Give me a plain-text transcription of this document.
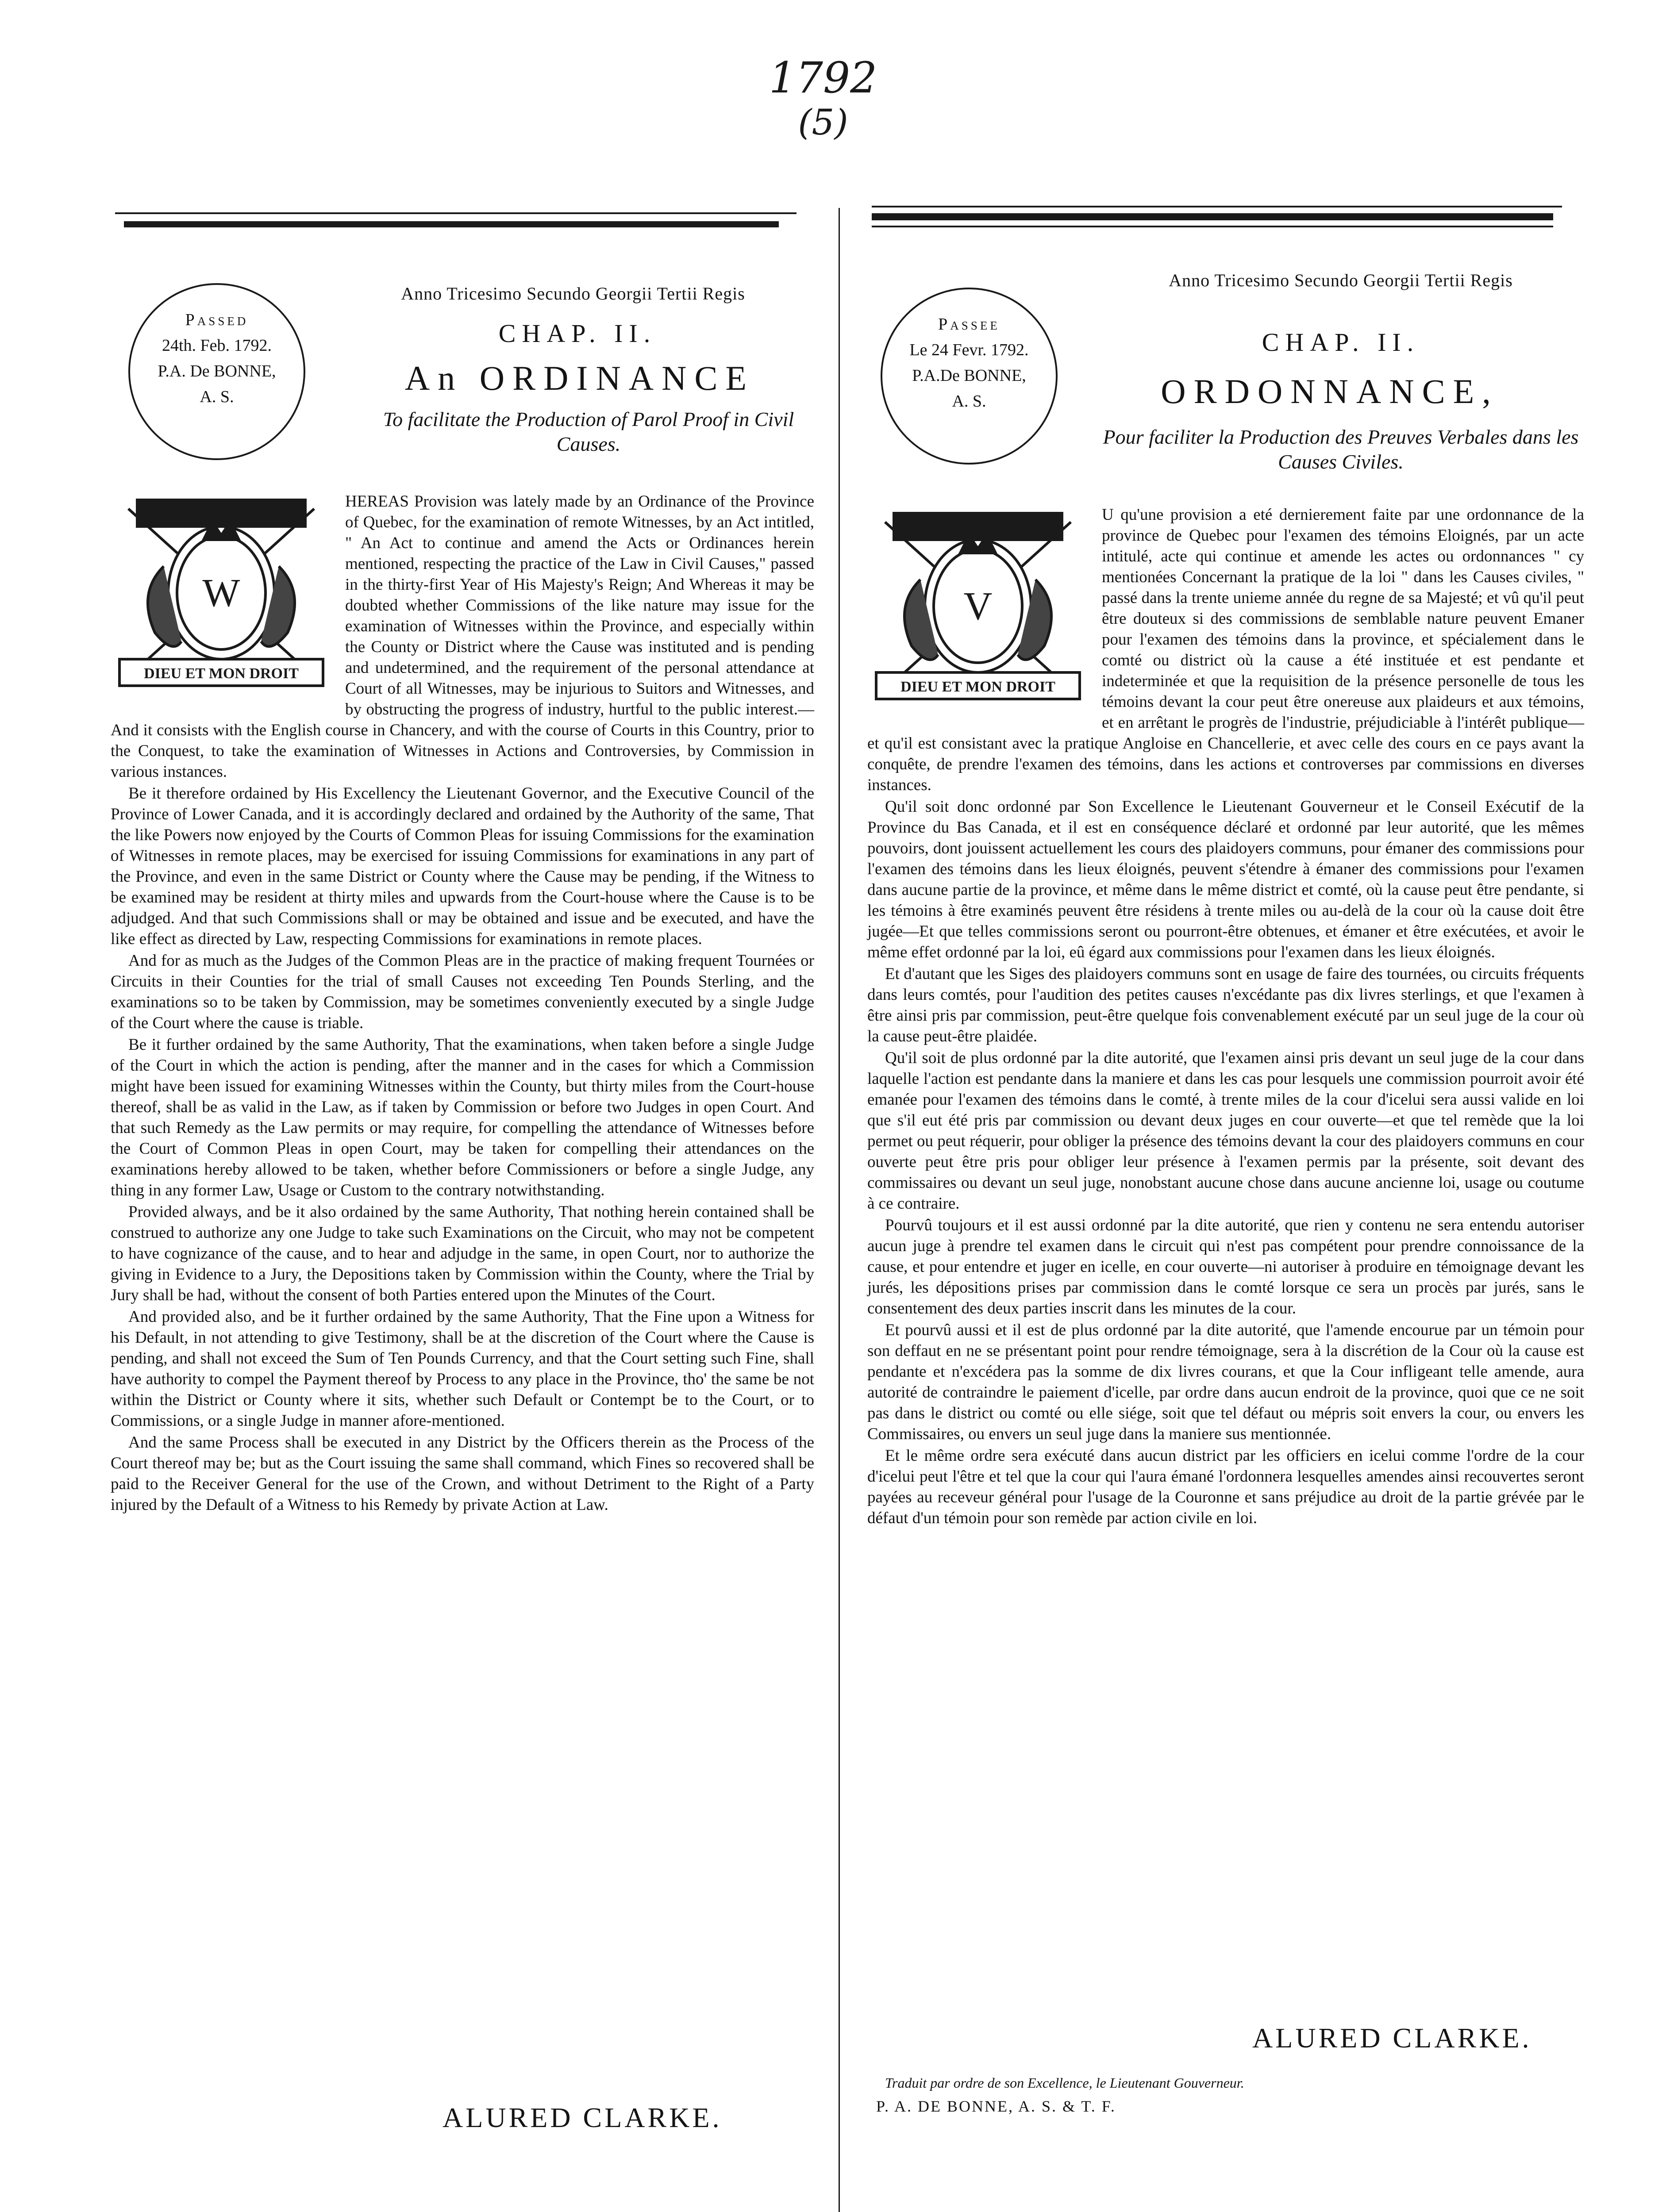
1792
(5)
Anno Tricesimo Secundo Georgii Tertii Regis
Passed
24th. Feb. 1792.
P.A. De BONNE,
A. S.
CHAP. II.
An ORDINANCE
To facilitate the Production of Parol Proof in Civil Causes.
W
DIEU ET MON DROIT

HEREAS Provision was lately made by an Ordinance of the Province of Quebec, for the examination of remote Witnesses, by an Act intitled, " An Act to continue and amend the Acts or Ordinances herein mentioned, respecting the practice of the Law in Civil Causes," passed in the thirty-first Year of His Majesty's Reign; And Whereas it may be doubted whether Commissions of the like nature may issue for the examination of Witnesses within the Province, and especially within the County or District where the Cause was instituted and is pending and undetermined, and the requirement of the personal attendance at Court of all Witnesses, may be injurious to Suitors and Witnesses, and by obstructing the progress of industry, hurtful to the public interest.—And it consists with the English course in Chancery, and with the course of Courts in this Country, prior to the Conquest, to take the examination of Witnesses in Actions and Controversies, by Commission in various instances.

Be it therefore ordained by His Excellency the Lieutenant Governor, and the Executive Council of the Province of Lower Canada, and it is accordingly declared and ordained by the Authority of the same, That the like Powers now enjoyed by the Courts of Common Pleas for issuing Commissions for the examination of Witnesses in remote places, may be exercised for issuing Commissions for examinations in any part of the Province, and even in the same District or County where the Cause may be pending, if the Witness to be examined may be resident at thirty miles and upwards from the Court-house where the Cause is to be adjudged. And that such Commissions shall or may be obtained and issue and be executed, and have the like effect as directed by Law, respecting Commissions for examinations in remote places.

And for as much as the Judges of the Common Pleas are in the practice of making frequent Tournées or Circuits in their Counties for the trial of small Causes not exceeding Ten Pounds Sterling, and the examinations so to be taken by Commission, may be sometimes conveniently executed by a single Judge of the Court where the cause is triable.

Be it further ordained by the same Authority, That the examinations, when taken before a single Judge of the Court in which the action is pending, after the manner and in the cases for which a Commission might have been issued for examining Witnesses within the County, but thirty miles from the Court-house thereof, shall be as valid in the Law, as if taken by Commission or before two Judges in open Court. And that such Remedy as the Law permits or may require, for compelling the attendance of Witnesses before the Court of Common Pleas in open Court, may be taken for compelling their attendances on the examinations hereby allowed to be taken, whether before Commissioners or before a single Judge, any thing in any former Law, Usage or Custom to the contrary notwithstanding.

Provided always, and be it also ordained by the same Authority, That nothing herein contained shall be construed to authorize any one Judge to take such Examinations on the Circuit, who may not be competent to have cognizance of the cause, and to hear and adjudge in the same, in open Court, nor to authorize the giving in Evidence to a Jury, the Depositions taken by Commission within the County, where the Trial by Jury shall be had, without the consent of both Parties entered upon the Minutes of the Court.

And provided also, and be it further ordained by the same Authority, That the Fine upon a Witness for his Default, in not attending to give Testimony, shall be at the discretion of the Court where the Cause is pending, and shall not exceed the Sum of Ten Pounds Currency, and that the Court setting such Fine, shall have authority to compel the Payment thereof by Process to any place in the Province, tho' the same be not within the District or County where it sits, whether such Default or Contempt be to the Court, or to Commissions, or a single Judge in manner afore-mentioned.

And the same Process shall be executed in any District by the Officers therein as the Process of the Court thereof may be; but as the Court issuing the same shall command, which Fines so recovered shall be paid to the Receiver General for the use of the Crown, and without Detriment to the Right of a Party injured by the Default of a Witness to his Remedy by private Action at Law.

ALURED CLARKE.
Anno Tricesimo Secundo Georgii Tertii Regis
Passee
Le 24 Fevr. 1792.
P.A.De BONNE,
A. S.
CHAP. II.
ORDONNANCE,
Pour faciliter la Production des Preuves Verbales dans les Causes Civiles.
V
DIEU ET MON DROIT

U qu'une provision a eté dernierement faite par une ordonnance de la province de Quebec pour l'examen des témoins Eloignés, par un acte intitulé, acte qui continue et amende les actes ou ordonnances " cy mentionées Concernant la pratique de la loi " dans les Causes civiles, " passé dans la trente unieme année du regne de sa Majesté; et vû qu'il peut être douteux si des commissions de semblable nature peuvent Emaner pour l'examen des témoins dans la province, et spécialement dans le comté ou district où la cause a été instituée et est pendante et indeterminée et que la requisition de la présence personelle de tous les témoins devant la cour peut être onereuse aux plaideurs et aux témoins, et en arrêtant le progrès de l'industrie, préjudiciable à l'intérêt publique—et qu'il est consistant avec la pratique Angloise en Chancellerie, et avec celle des cours en ce pays avant la conquête, de prendre l'examen des témoins, dans les actions et controverses par commissions en diverses instances.

Qu'il soit donc ordonné par Son Excellence le Lieutenant Gouverneur et le Conseil Exécutif de la Province du Bas Canada, et il est en conséquence déclaré et ordonné par leur autorité, que les mêmes pouvoirs, dont jouissent actuellement les cours des plaidoyers communs, pour émaner des commissions pour l'examen des témoins dans les lieux éloignés, peuvent s'étendre à émaner des commissions pour l'examen dans aucune partie de la province, et même dans le même district et comté, où la cause peut être pendante, si les témoins à être examinés peuvent être résidens à trente miles ou au-delà de la cour où la cause doit être jugée—Et que telles commissions seront ou pourront-être obtenues, et émaner et être exécutées, et avoir le même effet ordonné par la loi, eû égard aux commissions pour l'examen dans les lieux éloignés.

Et d'autant que les Siges des plaidoyers communs sont en usage de faire des tournées, ou circuits fréquents dans leurs comtés, pour l'audition des petites causes n'excédante pas dix livres sterlings, et que l'examen à être ainsi pris par commission, peut-être quelque fois convenablement exécuté par un seul juge de la cour où la cause peut-être plaidée.

Qu'il soit de plus ordonné par la dite autorité, que l'examen ainsi pris devant un seul juge de la cour dans laquelle l'action est pendante dans la maniere et dans les cas pour lesquels une commission pourroit avoir été emanée pour l'examen des témoins dans le comté, à trente miles de la cour d'icelui sera aussi valide en loi que s'il eut été pris par commission ou devant deux juges en cour ouverte—et que tel remède que la loi permet ou peut réquerir, pour obliger la présence des témoins devant la cour des plaidoyers communs en cour ouverte peut être pris pour obliger leur présence à l'examen permis par la présente, soit devant des commissaires ou devant un seul juge, nonobstant aucune chose dans aucune ancienne loi, usage ou coutume à ce contraire.

Pourvû toujours et il est aussi ordonné par la dite autorité, que rien y contenu ne sera entendu autoriser aucun juge à prendre tel examen dans le circuit qui n'est pas compétent pour prendre connoissance de la cause, et pour entendre et juger en icelle, en cour ouverte—ni autoriser à produire en témoignage devant les jurés, les dépositions prises par commission dans le comté lorsque ce sera un procès par jurés, sans le consentement des deux parties inscrit dans les minutes de la cour.

Et pourvû aussi et il est de plus ordonné par la dite autorité, que l'amende encourue par un témoin pour son deffaut en ne se présentant point pour rendre témoignage, sera à la discrétion de la Cour où la cause est pendante et n'excédera pas la somme de dix livres courans, et que la Cour infligeant telle amende, aura autorité de contraindre le paiement d'icelle, par ordre dans aucun endroit de la province, quoi que ce ne soit pas dans le district ou comté ou elle siége, soit que tel défaut ou mépris soit envers la cour, ou envers les Commissaires, ou envers un seul juge dans la maniere sus mentionnée.

Et le même ordre sera exécuté dans aucun district par les officiers en icelui comme l'ordre de la cour d'icelui peut l'être et tel que la cour qui l'aura émané l'ordonnera lesquelles amendes ainsi recouvertes seront payées au receveur général pour l'usage de la Couronne et sans préjudice au droit de la partie grévée par le défaut d'un témoin pour son remède par action civile en loi.

ALURED CLARKE.
Traduit par ordre de son Excellence, le Lieutenant Gouverneur.
P. A. DE BONNE, A. S. & T. F.
